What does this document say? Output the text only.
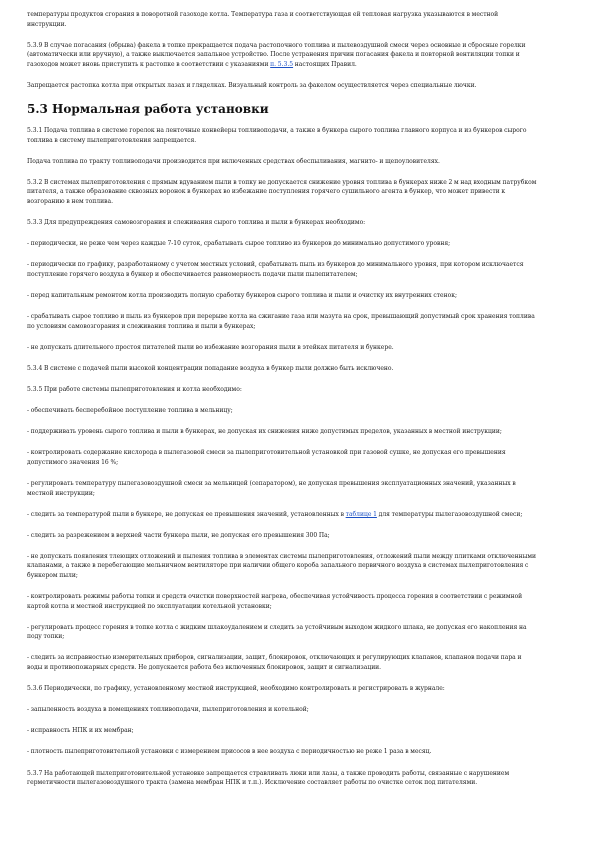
температуры продуктов сгорания в поворотной газоходе котла. Температура газа и соответствующая ей тепловая нагрузка указываются в местной инструкции.

5.3.9 В случае погасания (обрыва) факела в топке прекращается подача растопочного топлива и пылевоздушной смеси через основные и сбросные горелки (автоматически или вручную), а также выключается запальное устройство. После устранения причин погасания факела и повторной вентиляции топки и газоходов может вновь приступить к растопке в соответствии с указаниями п. 5.3.5 настоящих Правил.

Запрещается растопка котла при открытых лазах и гляделках. Визуальный контроль за факелом осуществляется через специальные лючки.

5.3 Нормальная работа установки

5.3.1 Подача топлива в системе горелок на ленточные конвейеры топливоподачи, а также в бункера сырого топлива главного корпуса и из бункеров сырого топлива в систему пылеприготовления запрещается.

Подача топлива по тракту топливоподачи производится при включенных средствах обеспыливания, магнито- и щепоуловителях.

5.3.2 В системах пылеприготовления с прямым вдуванием пыли в топку не допускается снижение уровня топлива в бункерах ниже 2 м над входным патрубком питателя, а также образование сквозных воронок в бункерах во избежание поступления горячего сушильного агента в бункер, что может привести к возгоранию в нем топлива.

5.3.3 Для предупреждения самовозгорания и слеживания сырого топлива и пыли в бункерах необходимо:

- периодически, не реже чем через каждые 7-10 суток, срабатывать сырое топливо из бункеров до минимально допустимого уровня;

- периодически по графику, разработанному с учетом местных условий, срабатывать пыль из бункеров до минимального уровня, при котором исключается поступление горячего воздуха в бункер и обеспечивается равномерность подачи пыли пылепитателем;

- перед капитальным ремонтом котла производить полную сработку бункеров сырого топлива и пыли и очистку их внутренних стенок;

- срабатывать сырое топливо и пыль из бункеров при перерыве котла на сжигание газа или мазута на срок, превышающий допустимый срок хранения топлива по условиям самовозгорания и слеживания топлива и пыли в бункерах;

- не допускать длительного простоя питателей пыли во избежание возгорания пыли в этейках питателя и бункере.

5.3.4 В системе с подачей пыли высокой концентрации попадание воздуха в бункер пыли должно быть исключено.

5.3.5 При работе системы пылеприготовления и котла необходимо:

- обеспечивать бесперебойное поступление топлива в мельницу;

- поддерживать уровень сырого топлива и пыли в бункерах, не допуская их снижения ниже допустимых пределов, указанных в местной инструкции;

- контролировать содержание кислорода в пылегазовой смеси за пылеприготовительной установкой при газовой сушке, не допуская его превышения допустимого значения 16 %;

- регулировать температуру пылегазовоздушной смеси за мельницей (сепаратором), не допуская превышения эксплуатационных значений, указанных в местной инструкции;

- следить за температурой пыли в бункере, не допуская ее превышения значений, установленных в таблице 1 для температуры пылегазовоздушной смеси;

- следить за разрежением в верхней части бункера пыли, не допуская его превышения 300 Па;

- не допускать появления тлеющих отложений и пыления топлива в элементах системы пылеприготовления, отложений пыли между плитками отключенными клапанами, а также в перебегающие мельничном вентиляторе при наличии общего короба запального первичного воздуха в системах пылеприготовления с бункером пыли;

- контролировать режимы работы топки и средств очистки поверхностей нагрева, обеспечивая устойчивость процесса горения в соответствии с режимной картой котла и местной инструкцией по эксплуатации котельной установки;

- регулировать процесс горения в топке котла с жидким шлакоудалением и следить за устойчивым выходом жидкого шлака, не допуская его накопления на поду топки;

- следить за исправностью измерительных приборов, сигнализации, защит, блокировок, отключающих и регулирующих клапанов, клапанов подачи пара и воды и противопожарных средств. Не допускается работа без включенных блокировок, защит и сигнализации.

5.3.6 Периодически, по графику, установленному местной инструкцией, необходимо контролировать и регистрировать в журнале:

- запыленность воздуха в помещениях топливоподачи, пылеприготовления и котельной;

- исправность НПК и их мембран;

- плотность пылеприготовительной установки с измерением присосов в нее воздуха с периодичностью не реже 1 раза в месяц.

5.3.7 На работающей пылеприготовительной установке запрещается стравливать люки или лазы, а также проводить работы, связанные с нарушением герметичности пылегазовоздушного тракта (замена мембран НПК и т.п.). Исключение составляет работы по очистке сеток под питателями.
